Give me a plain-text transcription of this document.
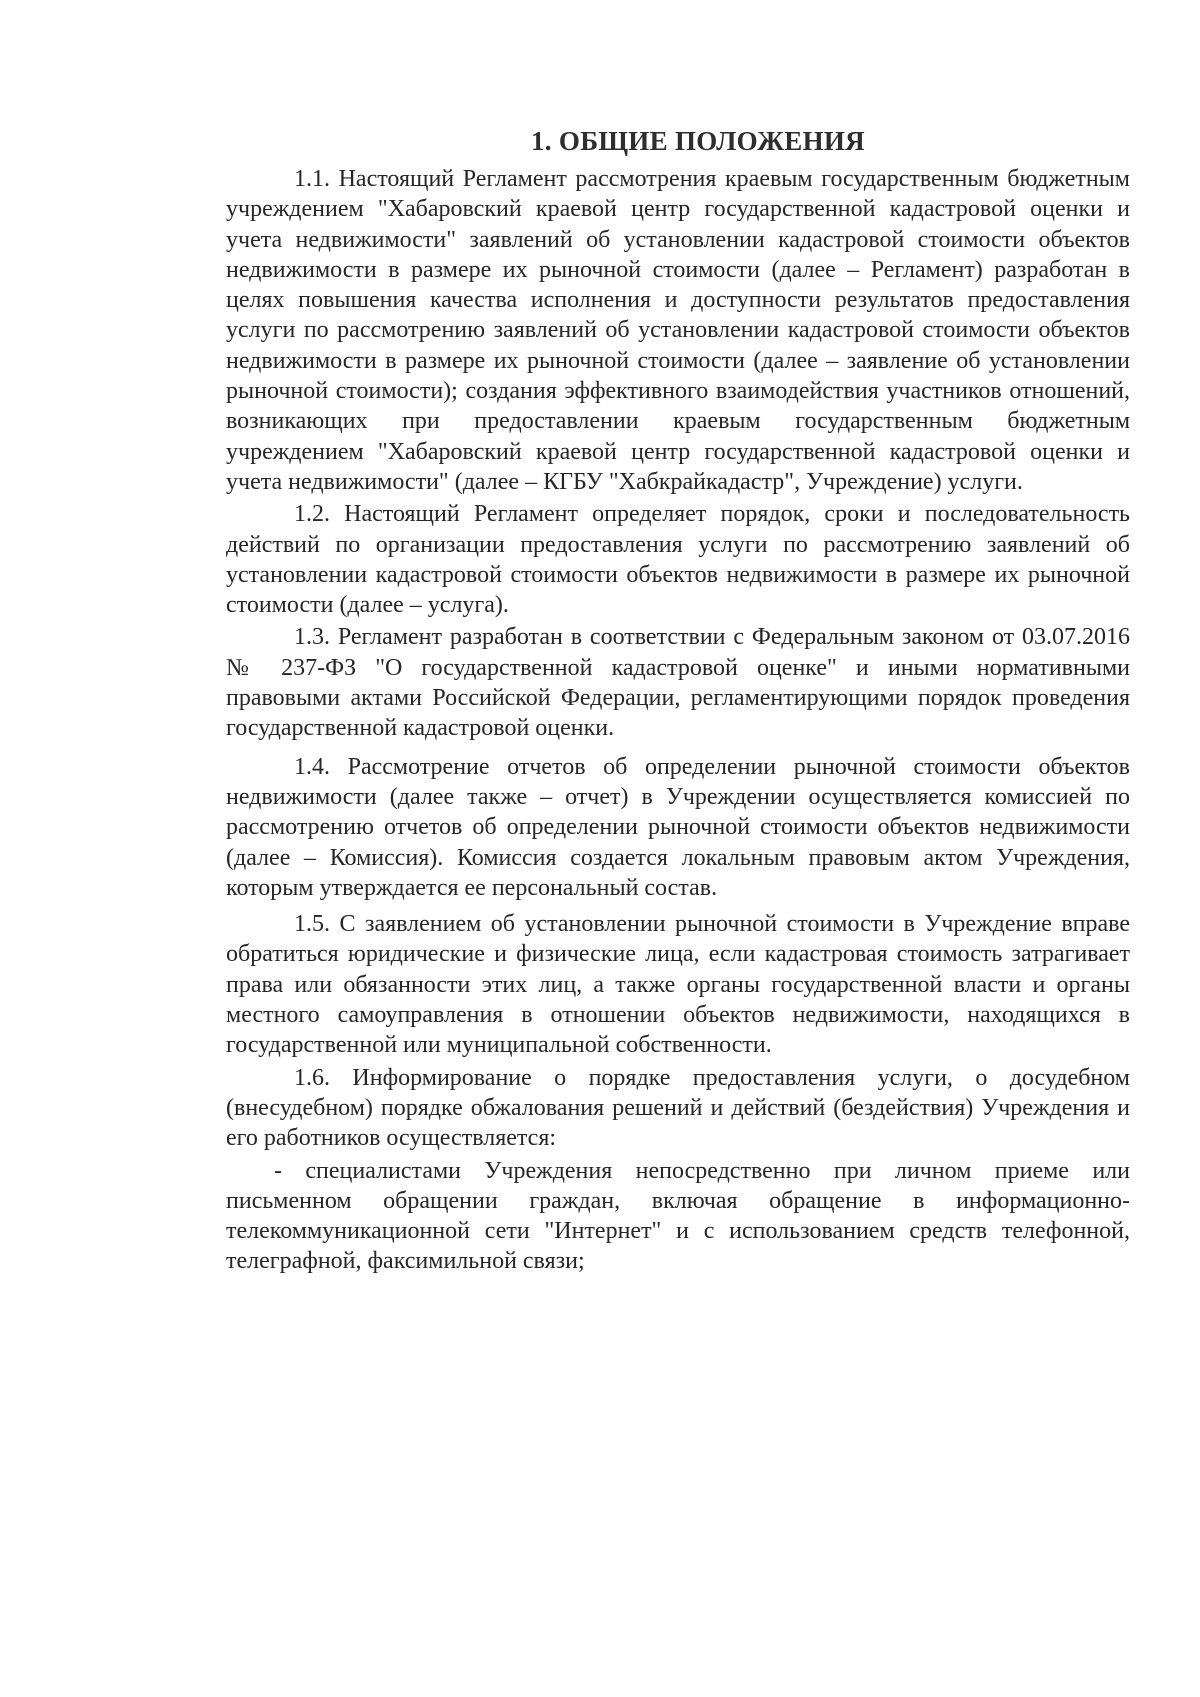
1. ОБЩИЕ ПОЛОЖЕНИЯ

1.1. Настоящий Регламент рассмотрения краевым государственным бюджетным учреждением "Хабаровский краевой центр государственной кадастровой оценки и учета недвижимости" заявлений об установлении кадастровой стоимости объектов недвижимости в размере их рыночной стоимости (далее – Регламент) разработан в целях повышения качества исполнения и доступности результатов предоставления услуги по рассмотрению заявлений об установлении кадастровой стоимости объектов недвижимости в размере их рыночной стоимости (далее – заявление об установлении рыночной стоимости); создания эффективного взаимодействия участников отношений, возникающих при предоставлении краевым государственным бюджетным учреждением "Хабаровский краевой центр государственной кадастровой оценки и учета недвижимости" (далее – КГБУ "Хабкрайкадастр", Учреждение) услуги.

1.2. Настоящий Регламент определяет порядок, сроки и последовательность действий по организации предоставления услуги по рассмотрению заявлений об установлении кадастровой стоимости объектов недвижимости в размере их рыночной стоимости (далее – услуга).

1.3. Регламент разработан в соответствии с Федеральным законом от 03.07.2016 № 237-ФЗ "О государственной кадастровой оценке" и иными нормативными правовыми актами Российской Федерации, регламентирующими порядок проведения государственной кадастровой оценки.

1.4. Рассмотрение отчетов об определении рыночной стоимости объектов недвижимости (далее также – отчет) в Учреждении осуществляется комиссией по рассмотрению отчетов об определении рыночной стоимости объектов недвижимости (далее – Комиссия). Комиссия создается локальным правовым актом Учреждения, которым утверждается ее персональный состав.

1.5. С заявлением об установлении рыночной стоимости в Учреждение вправе обратиться юридические и физические лица, если кадастровая стоимость затрагивает права или обязанности этих лиц, а также органы государственной власти и органы местного самоуправления в отношении объектов недвижимости, находящихся в государственной или муниципальной собственности.

1.6. Информирование о порядке предоставления услуги, о досудебном (внесудебном) порядке обжалования решений и действий (бездействия) Учреждения и его работников осуществляется:

- специалистами Учреждения непосредственно при личном приеме или письменном обращении граждан, включая обращение в информационно-телекоммуникационной сети "Интернет" и с использованием средств телефонной, телеграфной, факсимильной связи;
